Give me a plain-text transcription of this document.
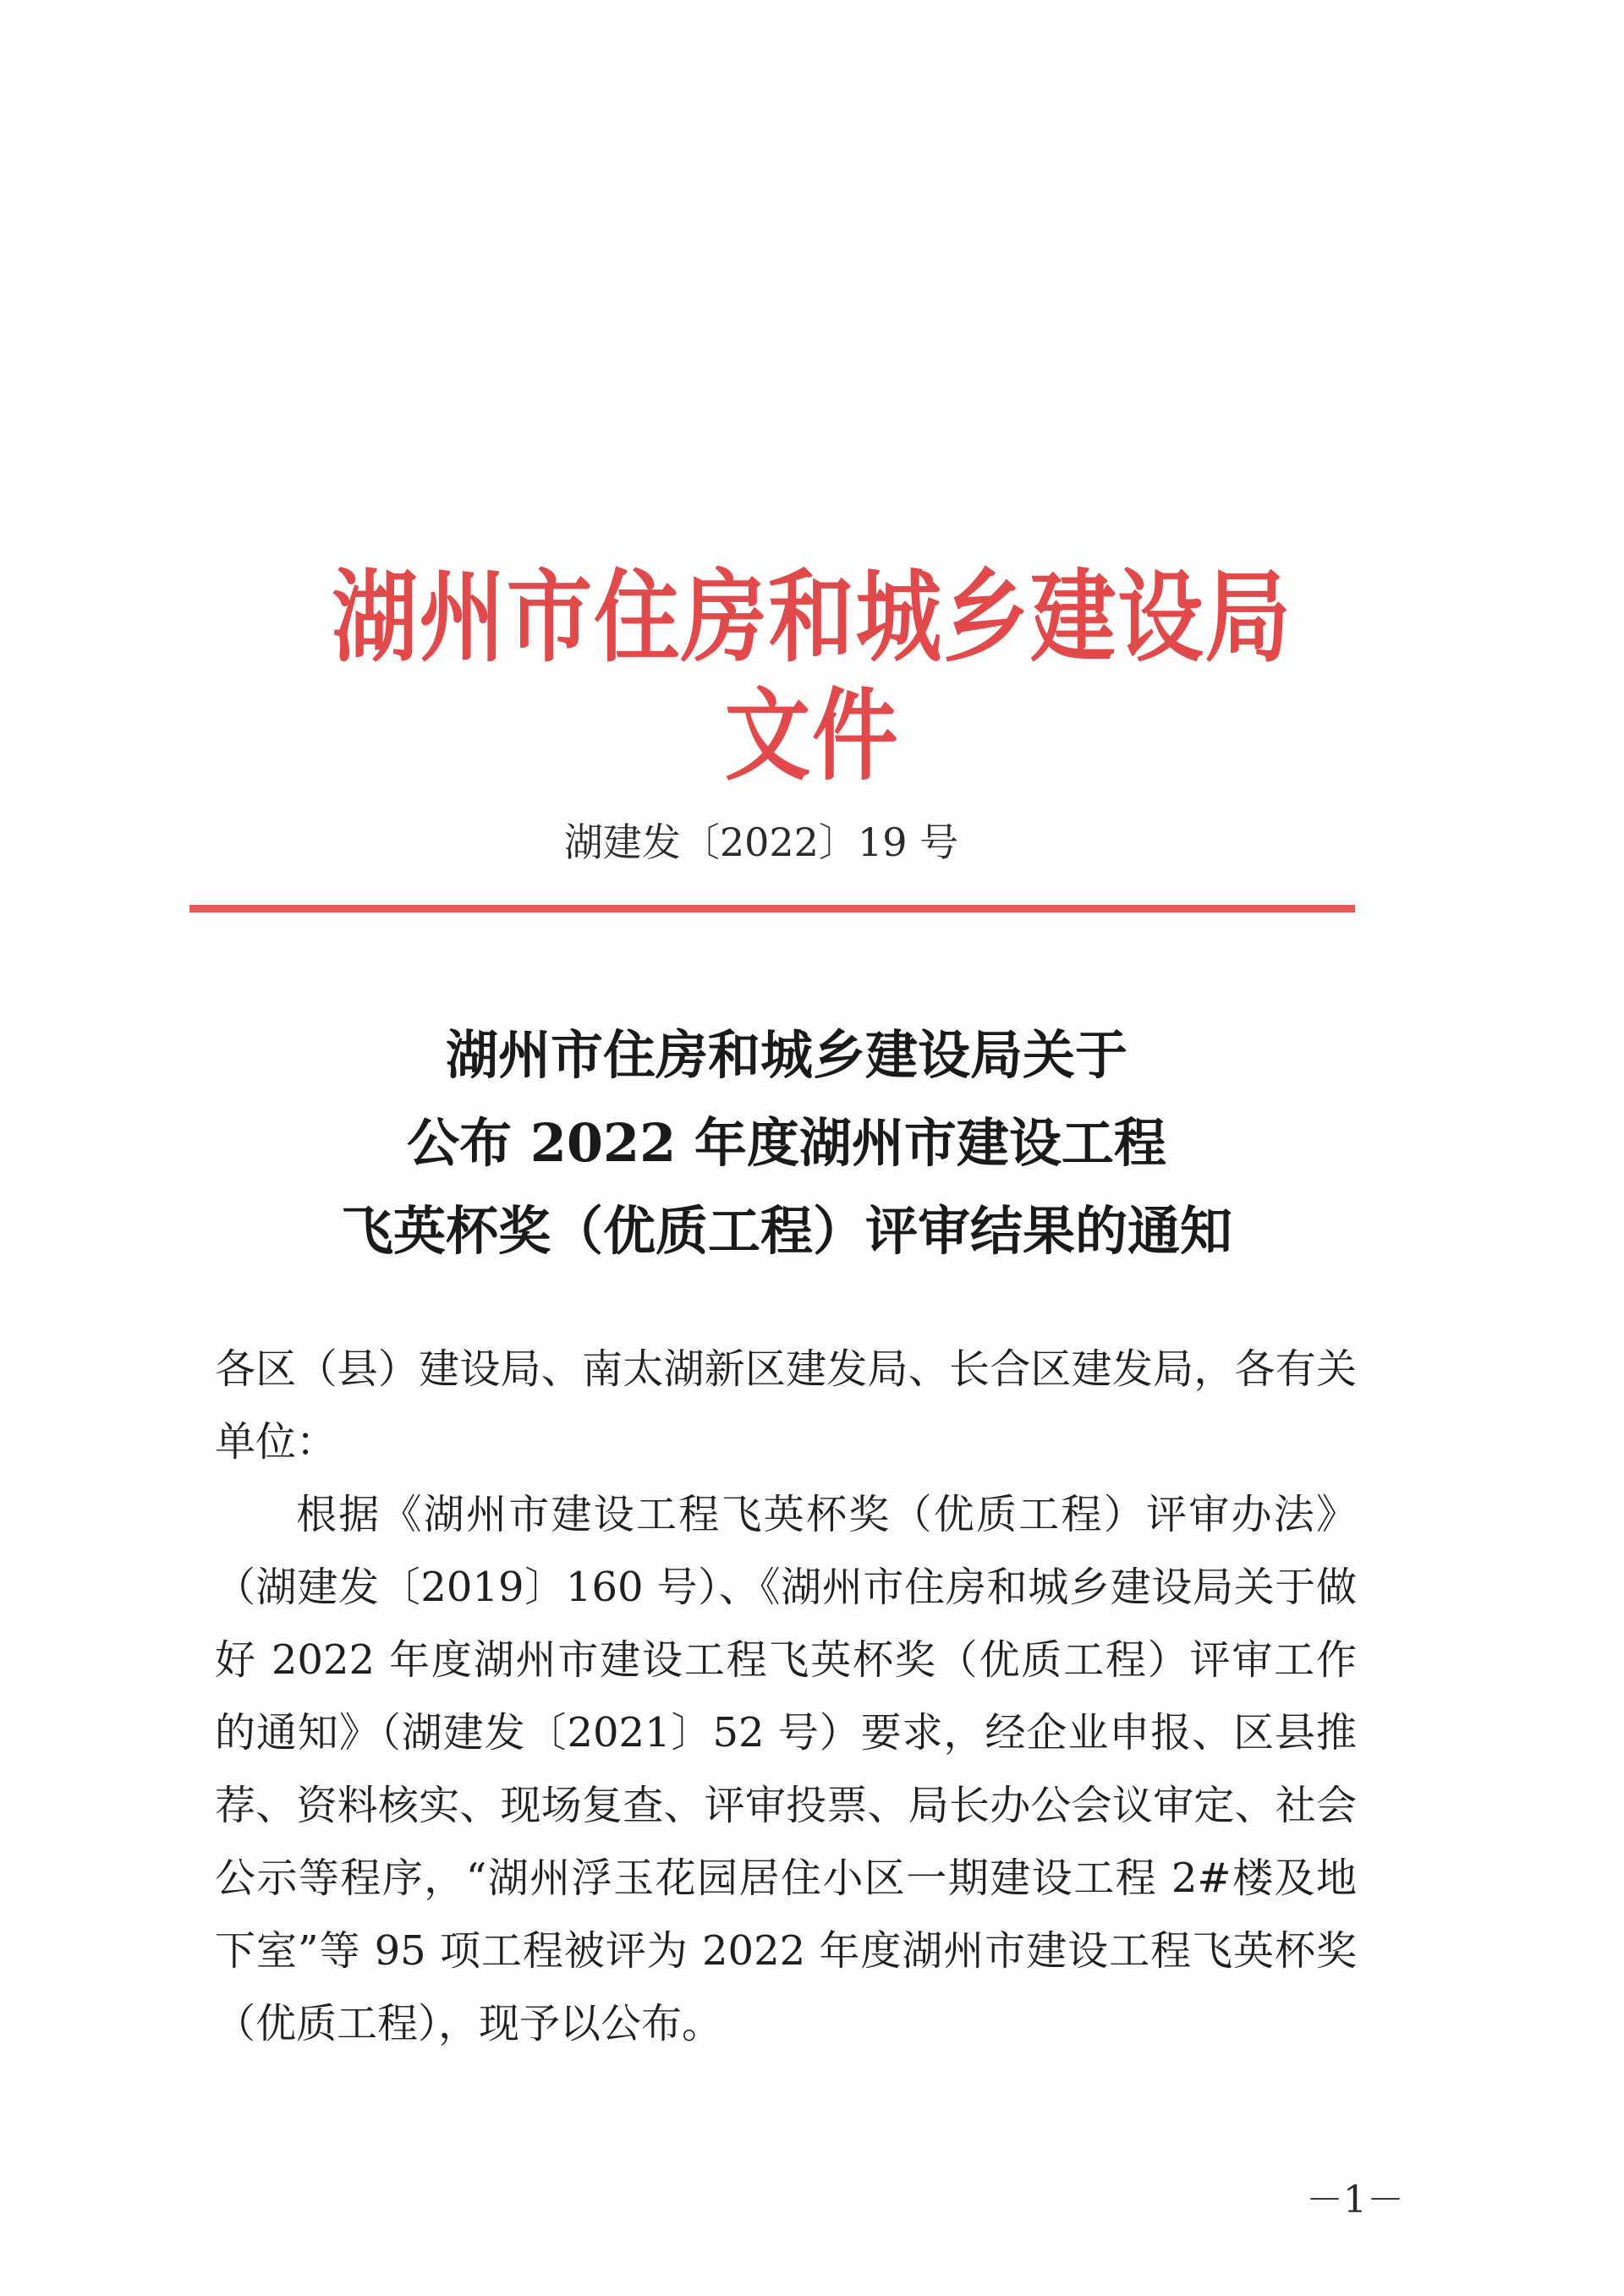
湖州市住房和城乡建设局文件
湖建发〔2022〕19 号
湖州市住房和城乡建设局关于
公布 2022 年度湖州市建设工程
飞英杯奖（优质工程）评审结果的通知

各区（县）建设局、南太湖新区建发局、长合区建发局，各有关单位：

根据《湖州市建设工程飞英杯奖（优质工程）评审办法》（湖建发〔2019〕160 号）、《湖州市住房和城乡建设局关于做好 2022 年度湖州市建设工程飞英杯奖（优质工程）评审工作的通知》（湖建发〔2021〕52 号）要求，经企业申报、区县推荐、资料核实、现场复查、评审投票、局长办公会议审定、社会公示等程序，“湖州浮玉花园居住小区一期建设工程 2#楼及地下室”等 95 项工程被评为 2022 年度湖州市建设工程飞英杯奖（优质工程），现予以公布。

－1－
